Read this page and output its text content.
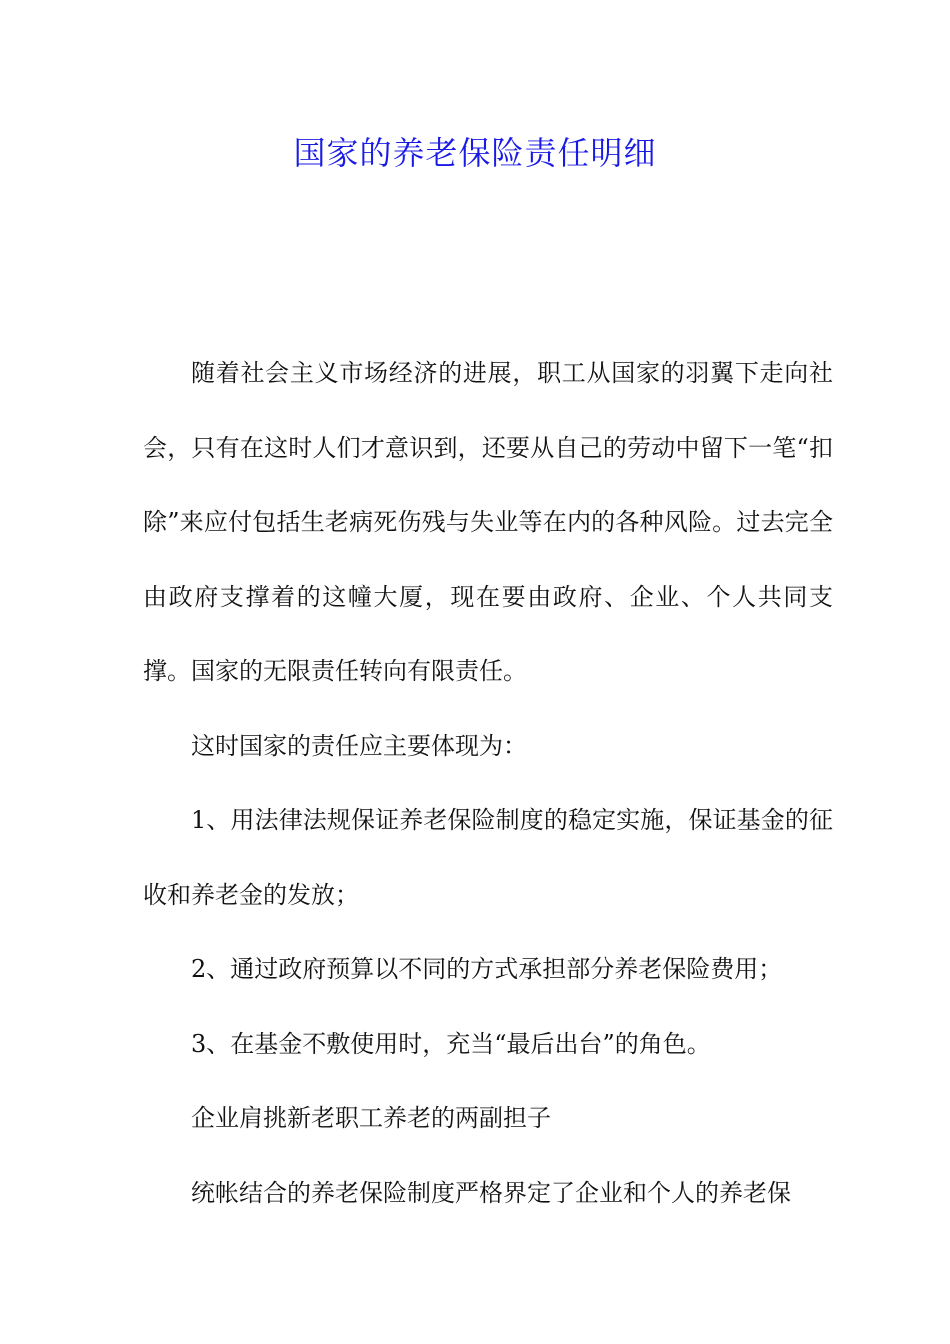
国家的养老保险责任明细

随着社会主义市场经济的进展，职工从国家的羽翼下走向社会，只有在这时人们才意识到，还要从自己的劳动中留下一笔“扣除”来应付包括生老病死伤残与失业等在内的各种风险。过去完全由政府支撑着的这幢大厦，现在要由政府、企业、个人共同支撑。国家的无限责任转向有限责任。

这时国家的责任应主要体现为：

1、用法律法规保证养老保险制度的稳定实施，保证基金的征收和养老金的发放；

2、通过政府预算以不同的方式承担部分养老保险费用；

3、在基金不敷使用时，充当“最后出台”的角色。

企业肩挑新老职工养老的两副担子

统帐结合的养老保险制度严格界定了企业和个人的养老保
